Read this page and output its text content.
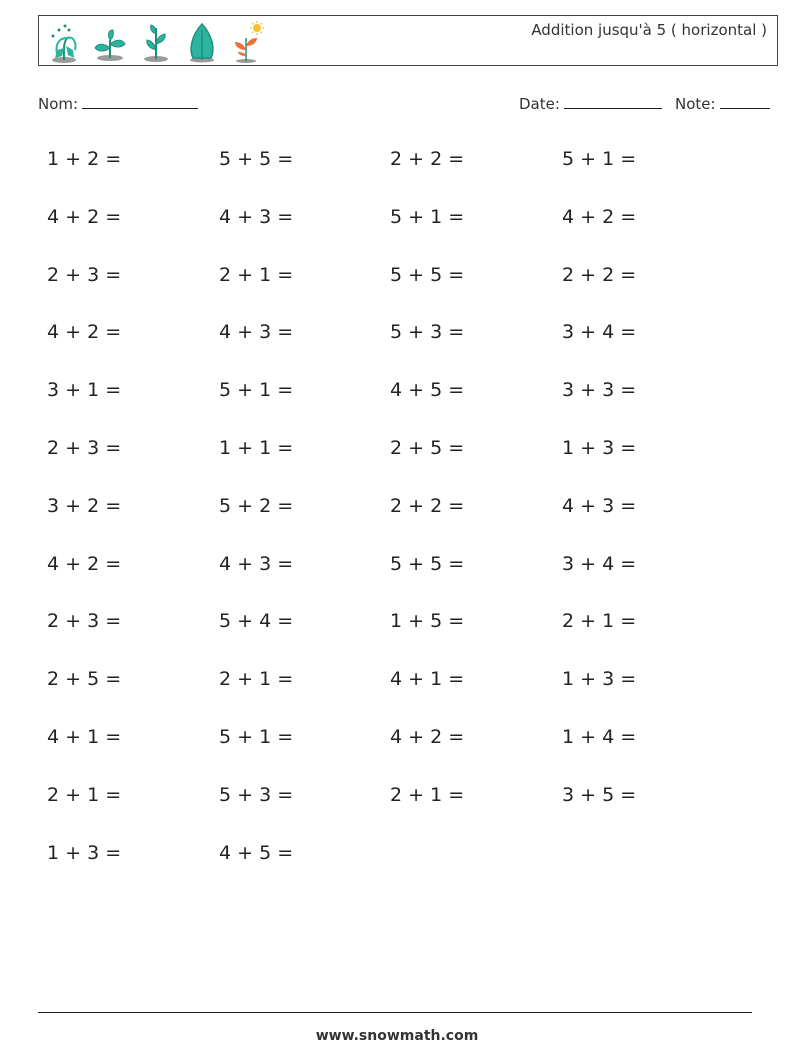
Addition jusqu'à 5 ( horizontal )
Nom:	Date:	Note:
1 + 2 =	5 + 5 =	2 + 2 =	5 + 1 =
4 + 2 =	4 + 3 =	5 + 1 =	4 + 2 =
2 + 3 =	2 + 1 =	5 + 5 =	2 + 2 =
4 + 2 =	4 + 3 =	5 + 3 =	3 + 4 =
3 + 1 =	5 + 1 =	4 + 5 =	3 + 3 =
2 + 3 =	1 + 1 =	2 + 5 =	1 + 3 =
3 + 2 =	5 + 2 =	2 + 2 =	4 + 3 =
4 + 2 =	4 + 3 =	5 + 5 =	3 + 4 =
2 + 3 =	5 + 4 =	1 + 5 =	2 + 1 =
2 + 5 =	2 + 1 =	4 + 1 =	1 + 3 =
4 + 1 =	5 + 1 =	4 + 2 =	1 + 4 =
2 + 1 =	5 + 3 =	2 + 1 =	3 + 5 =
1 + 3 =	4 + 5 =
www.snowmath.com
